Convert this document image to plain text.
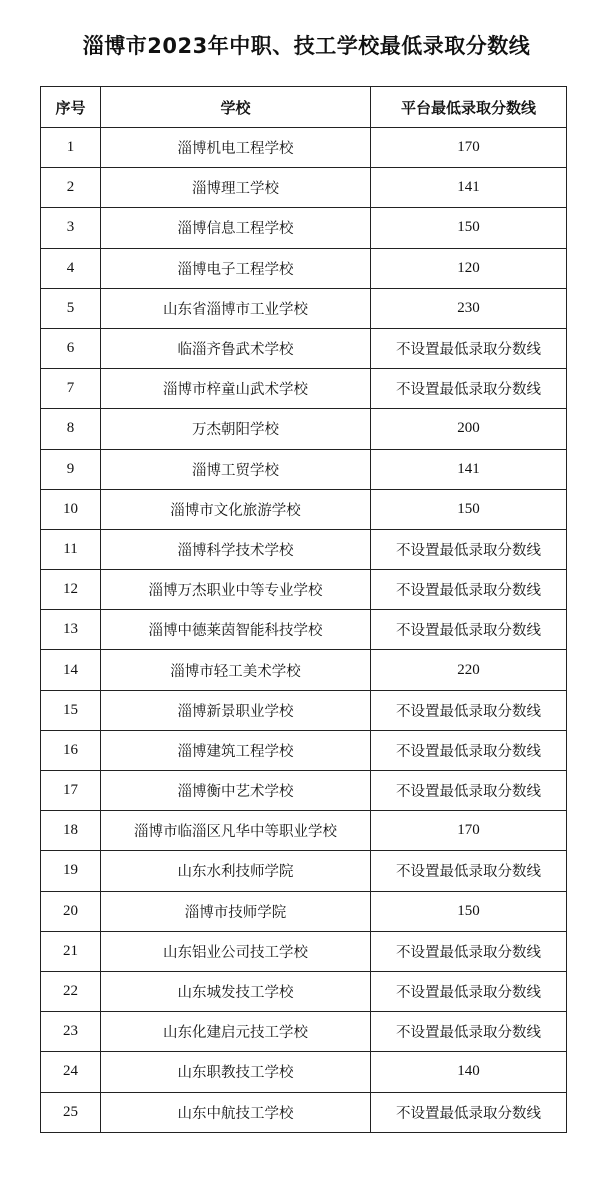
淄博市2023年中职、技工学校最低录取分数线
序号	学校	平台最低录取分数线
1	淄博机电工程学校	170
2	淄博理工学校	141
3	淄博信息工程学校	150
4	淄博电子工程学校	120
5	山东省淄博市工业学校	230
6	临淄齐鲁武术学校	不设置最低录取分数线
7	淄博市梓童山武术学校	不设置最低录取分数线
8	万杰朝阳学校	200
9	淄博工贸学校	141
10	淄博市文化旅游学校	150
11	淄博科学技术学校	不设置最低录取分数线
12	淄博万杰职业中等专业学校	不设置最低录取分数线
13	淄博中德莱茵智能科技学校	不设置最低录取分数线
14	淄博市轻工美术学校	220
15	淄博新景职业学校	不设置最低录取分数线
16	淄博建筑工程学校	不设置最低录取分数线
17	淄博衡中艺术学校	不设置最低录取分数线
18	淄博市临淄区凡华中等职业学校	170
19	山东水利技师学院	不设置最低录取分数线
20	淄博市技师学院	150
21	山东铝业公司技工学校	不设置最低录取分数线
22	山东城发技工学校	不设置最低录取分数线
23	山东化建启元技工学校	不设置最低录取分数线
24	山东职教技工学校	140
25	山东中航技工学校	不设置最低录取分数线
